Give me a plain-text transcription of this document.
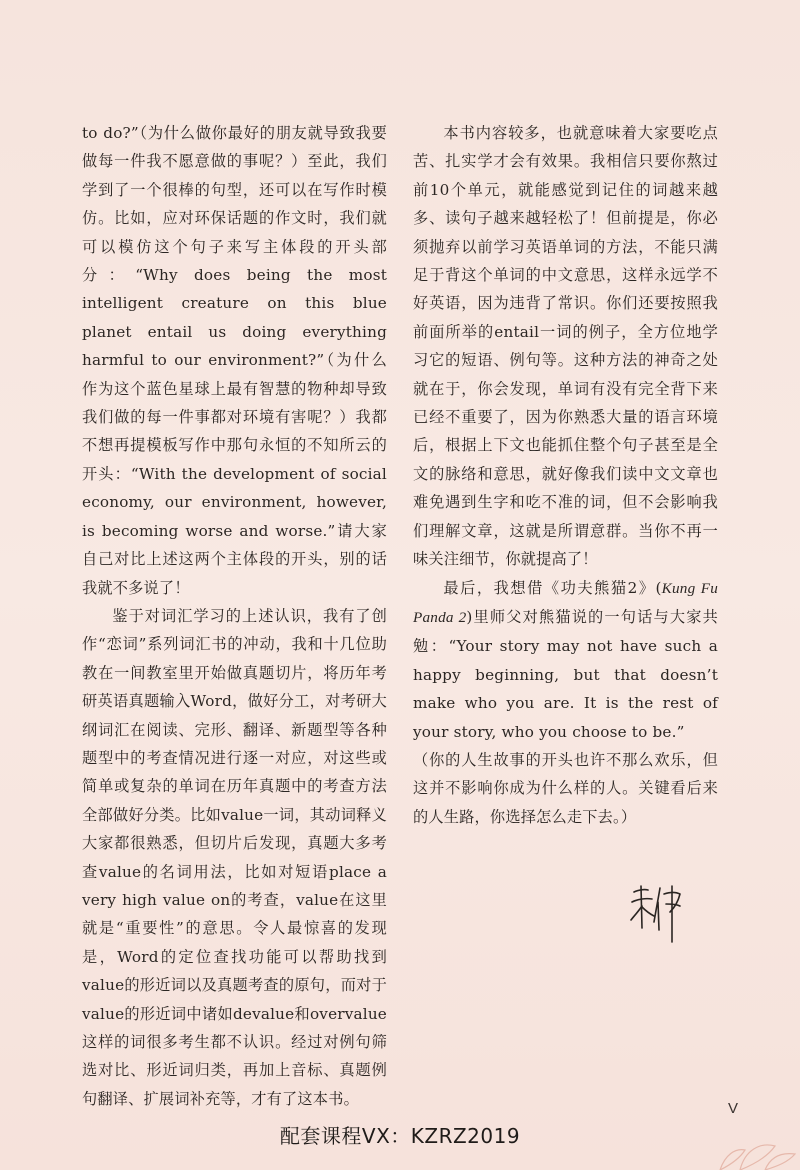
to do?”（为什么做你最好的朋友就导致我要做每一件我不愿意做的事呢？）至此，我们学到了一个很棒的句型，还可以在写作时模仿。比如，应对环保话题的作文时，我们就可以模仿这个句子来写主体段的开头部分：“Why does being the most intelligent creature on this blue planet entail us doing everything harmful to our environment?”（为什么作为这个蓝色星球上最有智慧的物种却导致我们做的每一件事都对环境有害呢？）我都不想再提模板写作中那句永恒的不知所云的开头：“With the development of social economy, our environment, however, is becoming worse and worse.”请大家自己对比上述这两个主体段的开头，别的话我就不多说了！

鉴于对词汇学习的上述认识，我有了创作“恋词”系列词汇书的冲动，我和十几位助教在一间教室里开始做真题切片，将历年考研英语真题输入Word，做好分工，对考研大纲词汇在阅读、完形、翻译、新题型等各种题型中的考查情况进行逐一对应，对这些或简单或复杂的单词在历年真题中的考查方法全部做好分类。比如value一词，其动词释义大家都很熟悉，但切片后发现，真题大多考查value的名词用法，比如对短语place a very high value on的考查，value在这里就是“重要性”的意思。令人最惊喜的发现是，Word的定位查找功能可以帮助找到value的形近词以及真题考查的原句，而对于value的形近词中诸如devalue和overvalue这样的词很多考生都不认识。经过对例句筛选对比、形近词归类，再加上音标、真题例句翻译、扩展词补充等，才有了这本书。

本书内容较多，也就意味着大家要吃点苦、扎实学才会有效果。我相信只要你熬过前10个单元，就能感觉到记住的词越来越多、读句子越来越轻松了！但前提是，你必须抛弃以前学习英语单词的方法，不能只满足于背这个单词的中文意思，这样永远学不好英语，因为违背了常识。你们还要按照我前面所举的entail一词的例子，全方位地学习它的短语、例句等。这种方法的神奇之处就在于，你会发现，单词有没有完全背下来已经不重要了，因为你熟悉大量的语言环境后，根据上下文也能抓住整个句子甚至是全文的脉络和意思，就好像我们读中文文章也难免遇到生字和吃不准的词，但不会影响我们理解文章，这就是所谓意群。当你不再一味关注细节，你就提高了！

最后，我想借《功夫熊猫2》(Kung Fu Panda 2)里师父对熊猫说的一句话与大家共勉：“Your story may not have such a happy beginning, but that doesn’t make who you are. It is the rest of your story, who you choose to be.”

（你的人生故事的开头也许不那么欢乐，但这并不影响你成为什么样的人。关键看后来的人生路，你选择怎么走下去。）

V
配套课程VX：KZRZ2019
